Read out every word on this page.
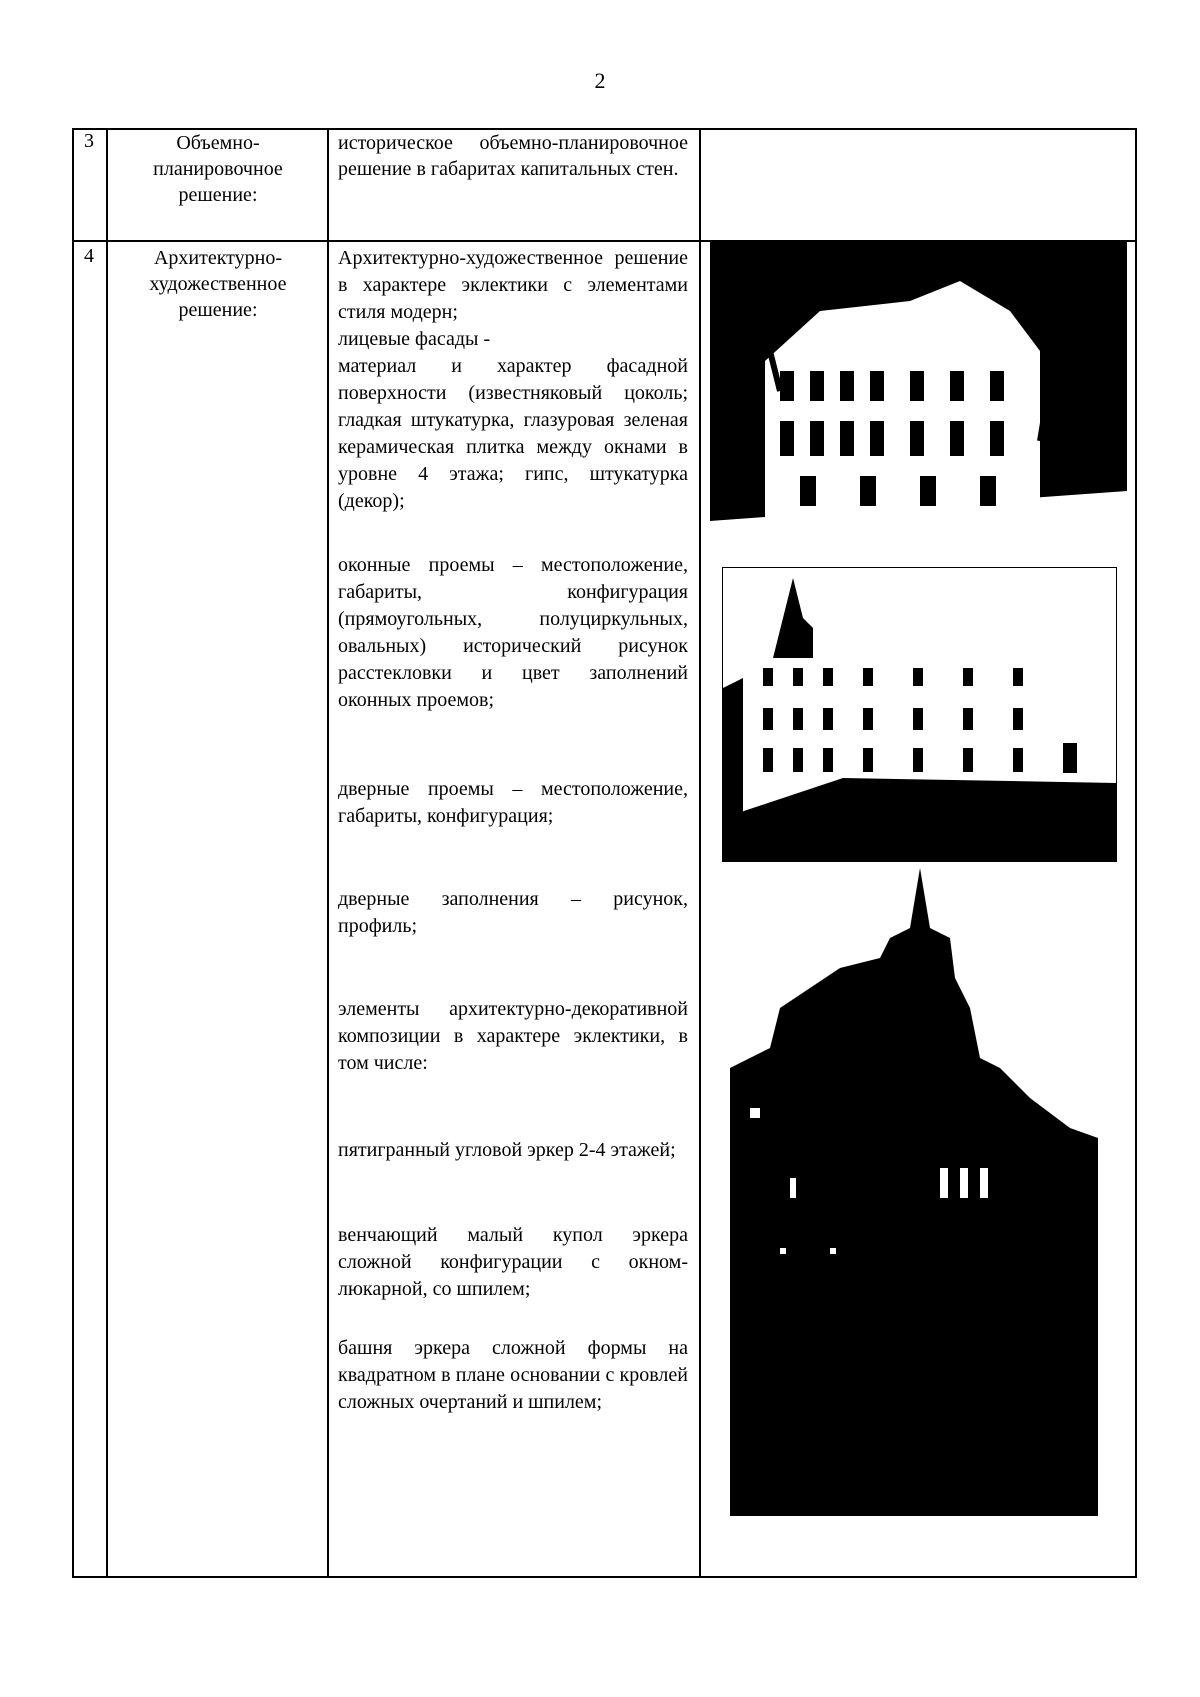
2
3	Объемно-
планировочное
решение:
историческое объемно-планировочное решение в габаритах капитальных стен.
4	Архитектурно-
художественное
решение:
Архитектурно-художественное решение в характере эклектики с элементами стиля модерн;
лицевые фасады -
материал и характер фасадной поверхности (известняковый цоколь; гладкая штукатурка, глазуровая зеленая керамическая плитка между окнами в уровне 4 этажа; гипс, штукатурка (декор);
оконные проемы – местоположение, габариты, конфигурация (прямоугольных, полуциркульных, овальных) исторический рисунок расстекловки и цвет заполнений оконных проемов;
дверные проемы – местоположение, габариты, конфигурация;
дверные заполнения – рисунок, профиль;
элементы архитектурно-декоративной композиции в характере эклектики, в том числе:
пятигранный угловой эркер 2-4 этажей;
венчающий малый купол эркера сложной конфигурации с окном-люкарной, со шпилем;
башня эркера сложной формы на квадратном в плане основании с кровлей сложных очертаний и шпилем;
